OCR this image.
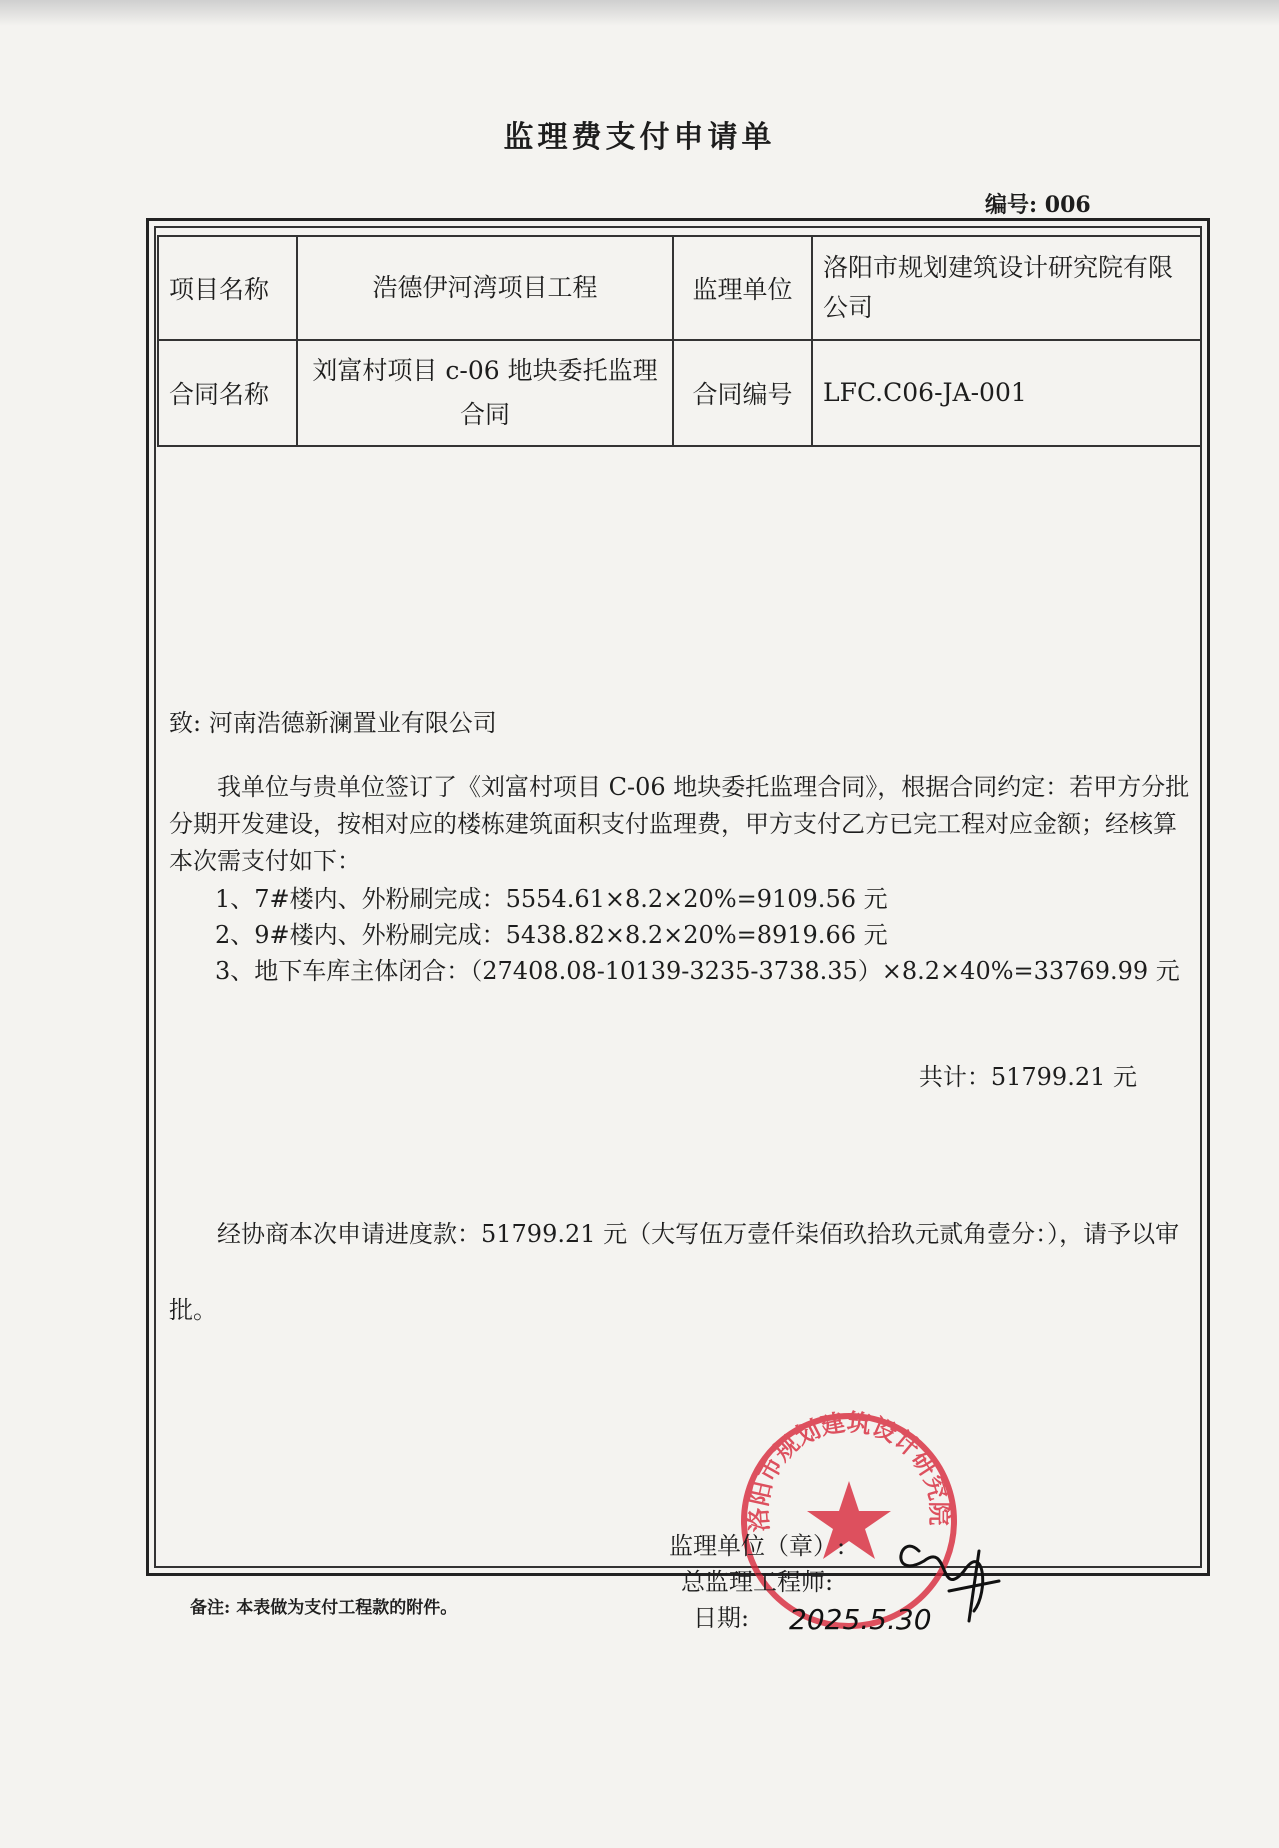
监理费支付申请单
编号: 006
项目名称	浩德伊河湾项目工程	监理单位	洛阳市规划建筑设计研究院有限公司
合同名称	刘富村项目 c-06 地块委托监理合同	合同编号	LFC.C06-JA-001
致: 河南浩德新澜置业有限公司
我单位与贵单位签订了《刘富村项目 C-06 地块委托监理合同》，根据合同约定：若甲方分批分期开发建设，按相对应的楼栋建筑面积支付监理费，甲方支付乙方已完工程对应金额；经核算本次需支付如下：
1、7#楼内、外粉刷完成：5554.61×8.2×20%=9109.56 元
2、9#楼内、外粉刷完成：5438.82×8.2×20%=8919.66 元
3、地下车库主体闭合：（27408.08-10139-3235-3738.35）×8.2×40%=33769.99 元
共计：51799.21 元
经协商本次申请进度款：51799.21 元（大写伍万壹仟柒佰玖拾玖元贰角壹分：），请予以审批。
洛阳市规划建筑设计研究院
监理单位（章）:
总监理工程师:
日期:	2025.5.30
备注: 本表做为支付工程款的附件。
